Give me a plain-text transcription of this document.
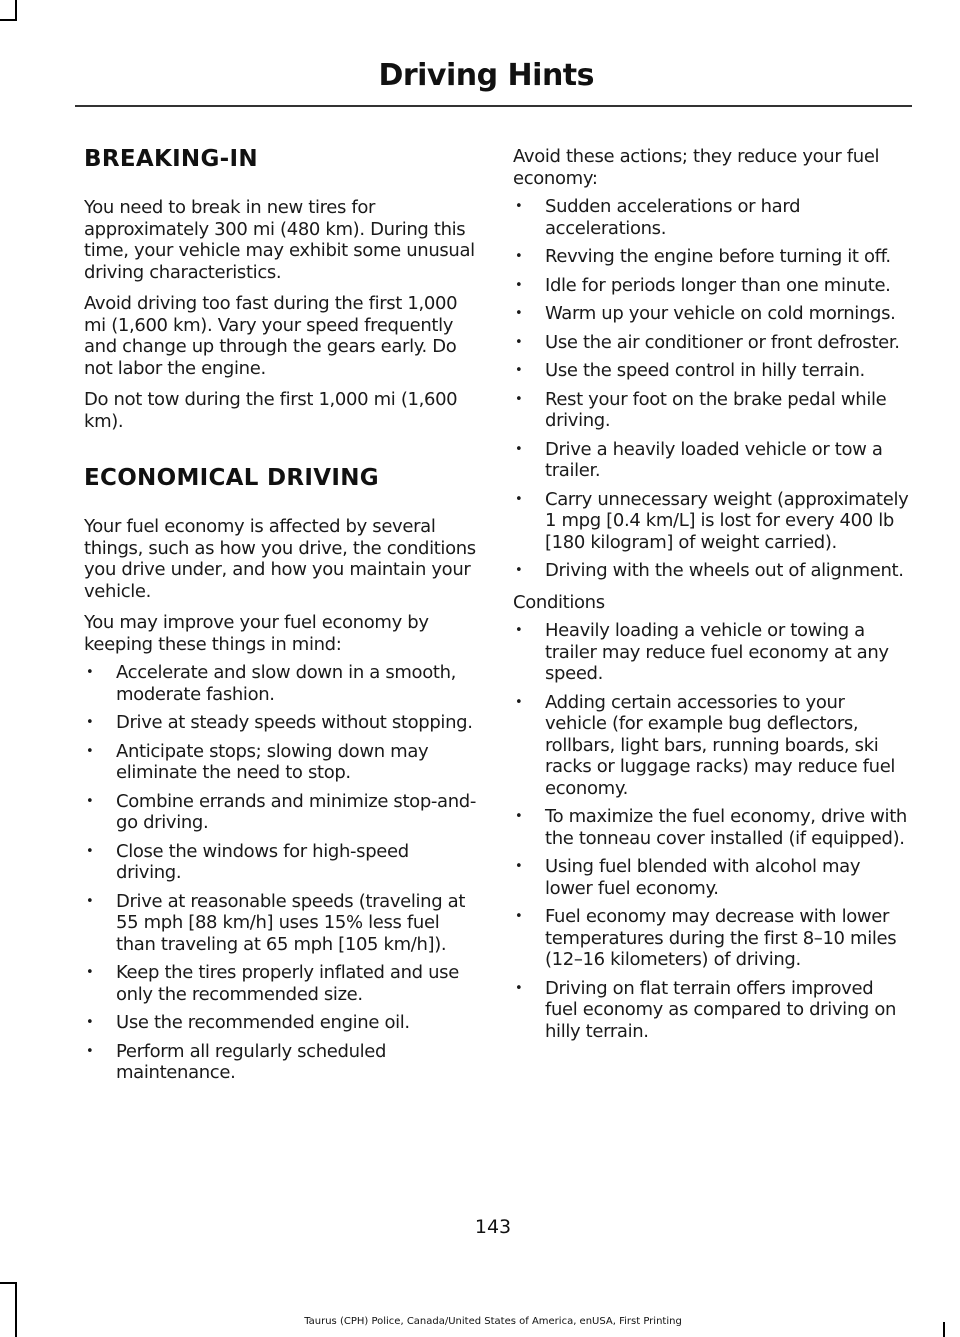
Driving Hints
BREAKING-IN

You need to break in new tires for approximately 300 mi (480 km). During this time, your vehicle may exhibit some unusual driving characteristics.

Avoid driving too fast during the first 1,000 mi (1,600 km). Vary your speed frequently and change up through the gears early. Do not labor the engine.

Do not tow during the first 1,000 mi (1,600 km).

ECONOMICAL DRIVING

Your fuel economy is affected by several things, such as how you drive, the conditions you drive under, and how you maintain your vehicle.

You may improve your fuel economy by keeping these things in mind:

• Accelerate and slow down in a smooth, moderate fashion.
• Drive at steady speeds without stopping.
• Anticipate stops; slowing down may eliminate the need to stop.
• Combine errands and minimize stop-and-go driving.
• Close the windows for high-speed driving.
• Drive at reasonable speeds (traveling at 55 mph [88 km/h] uses 15% less fuel than traveling at 65 mph [105 km/h]).
• Keep the tires properly inflated and use only the recommended size.
• Use the recommended engine oil.
• Perform all regularly scheduled maintenance.

Avoid these actions; they reduce your fuel economy:

• Sudden accelerations or hard accelerations.
• Revving the engine before turning it off.
• Idle for periods longer than one minute.
• Warm up your vehicle on cold mornings.
• Use the air conditioner or front defroster.
• Use the speed control in hilly terrain.
• Rest your foot on the brake pedal while driving.
• Drive a heavily loaded vehicle or tow a trailer.
• Carry unnecessary weight (approximately 1 mpg [0.4 km/L] is lost for every 400 lb [180 kilogram] of weight carried).
• Driving with the wheels out of alignment.

Conditions

• Heavily loading a vehicle or towing a trailer may reduce fuel economy at any speed.
• Adding certain accessories to your vehicle (for example bug deflectors, rollbars, light bars, running boards, ski racks or luggage racks) may reduce fuel economy.
• To maximize the fuel economy, drive with the tonneau cover installed (if equipped).
• Using fuel blended with alcohol may lower fuel economy.
• Fuel economy may decrease with lower temperatures during the first 8–10 miles (12–16 kilometers) of driving.
• Driving on flat terrain offers improved fuel economy as compared to driving on hilly terrain.
143
Taurus (CPH) Police, Canada/United States of America, enUSA, First Printing
